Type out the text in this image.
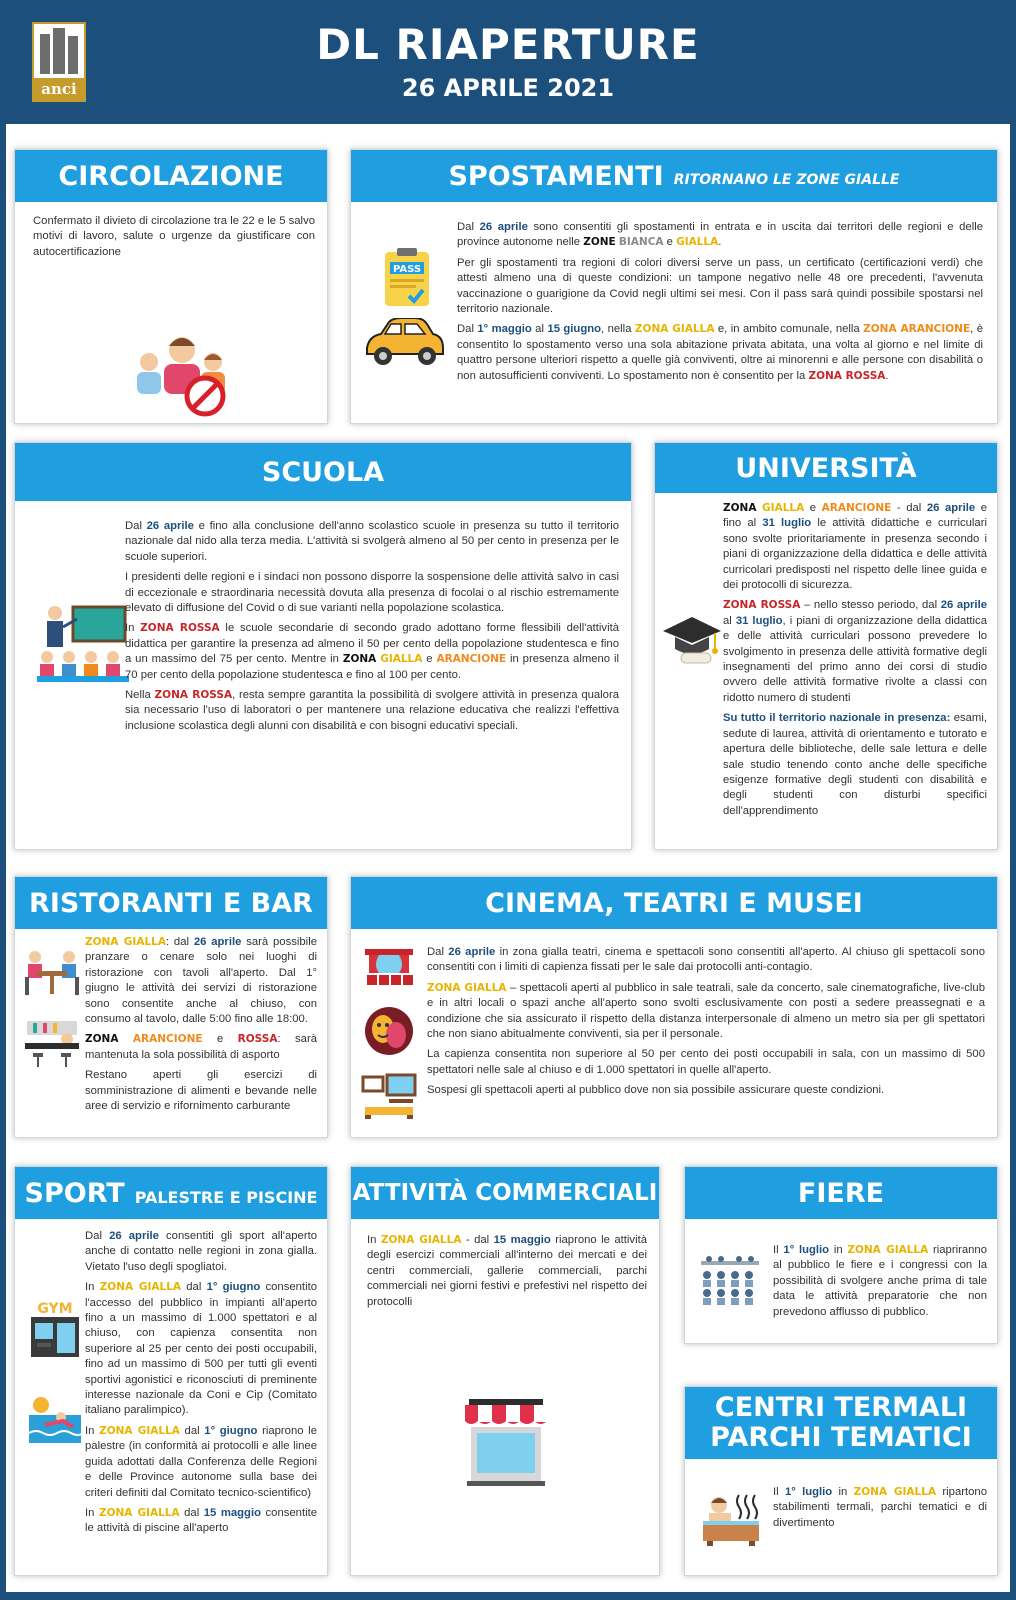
anci
DL RIAPERTURE
26 APRILE 2021
CIRCOLAZIONE

Confermato il divieto di circolazione tra le 22 e le 5 salvo motivi di lavoro, salute o urgenze da giustificare con autocertificazione

SPOSTAMENTI RITORNANO LE ZONE GIALLE
PASS

Dal 26 aprile sono consentiti gli spostamenti in entrata e in uscita dai territori delle regioni e delle province autonome nelle ZONE BIANCA e GIALLA.

Per gli spostamenti tra regioni di colori diversi serve un pass, un certificato (certificazioni verdi) che attesti almeno una di queste condizioni: un tampone negativo nelle 48 ore precedenti, l'avvenuta vaccinazione o guarigione da Covid negli ultimi sei mesi. Con il pass sarà quindi possibile spostarsi nel territorio nazionale.

Dal 1° maggio al 15 giugno, nella ZONA GIALLA e, in ambito comunale, nella ZONA ARANCIONE, è consentito lo spostamento verso una sola abitazione privata abitata, una volta al giorno e nel limite di quattro persone ulteriori rispetto a quelle già conviventi, oltre ai minorenni e alle persone con disabilità o non autosufficienti conviventi. Lo spostamento non è consentito per la ZONA ROSSA.

SCUOLA

Dal 26 aprile e fino alla conclusione dell'anno scolastico scuole in presenza su tutto il territorio nazionale dal nido alla terza media. L'attività si svolgerà almeno al 50 per cento in presenza per le scuole superiori.

I presidenti delle regioni e i sindaci non possono disporre la sospensione delle attività salvo in casi di eccezionale e straordinaria necessità dovuta alla presenza di focolai o al rischio estremamente elevato di diffusione del Covid o di sue varianti nella popolazione scolastica.

In ZONA ROSSA le scuole secondarie di secondo grado adottano forme flessibili dell'attività didattica per garantire la presenza ad almeno il 50 per cento della popolazione studentesca e fino a un massimo del 75 per cento. Mentre in ZONA GIALLA e ARANCIONE in presenza almeno il 70 per cento della popolazione studentesca e fino al 100 per cento.

Nella ZONA ROSSA, resta sempre garantita la possibilità di svolgere attività in presenza qualora sia necessario l'uso di laboratori o per mantenere una relazione educativa che realizzi l'effettiva inclusione scolastica degli alunni con disabilità e con bisogni educativi speciali.

UNIVERSITÀ

ZONA GIALLA e ARANCIONE - dal 26 aprile e fino al 31 luglio le attività didattiche e curriculari sono svolte prioritariamente in presenza secondo i piani di organizzazione della didattica e delle attività curricolari predisposti nel rispetto delle linee guida e dei protocolli di sicurezza.

ZONA ROSSA – nello stesso periodo, dal 26 aprile al 31 luglio, i piani di organizzazione della didattica e delle attività curriculari possono prevedere lo svolgimento in presenza delle attività formative degli insegnamenti del primo anno dei corsi di studio ovvero delle attività formative rivolte a classi con ridotto numero di studenti

Su tutto il territorio nazionale in presenza: esami, sedute di laurea, attività di orientamento e tutorato e apertura delle biblioteche, delle sale lettura e delle sale studio tenendo conto anche delle specifiche esigenze formative degli studenti con disabilità e degli studenti con disturbi specifici dell'apprendimento

RISTORANTI E BAR

ZONA GIALLA: dal 26 aprile sarà possibile pranzare o cenare solo nei luoghi di ristorazione con tavoli all'aperto. Dal 1° giugno le attività dei servizi di ristorazione sono consentite anche al chiuso, con consumo al tavolo, dalle 5:00 fino alle 18:00.

ZONA ARANCIONE e ROSSA: sarà mantenuta la sola possibilità di asporto

Restano aperti gli esercizi di somministrazione di alimenti e bevande nelle aree di servizio e rifornimento carburante

CINEMA, TEATRI E MUSEI

Dal 26 aprile in zona gialla teatri, cinema e spettacoli sono consentiti all'aperto. Al chiuso gli spettacoli sono consentiti con i limiti di capienza fissati per le sale dai protocolli anti-contagio.

ZONA GIALLA – spettacoli aperti al pubblico in sale teatrali, sale da concerto, sale cinematografiche, live-club e in altri locali o spazi anche all'aperto sono svolti esclusivamente con posti a sedere preassegnati e a condizione che sia assicurato il rispetto della distanza interpersonale di almeno un metro sia per gli spettatori che non siano abitualmente conviventi, sia per il personale.

La capienza consentita non superiore al 50 per cento dei posti occupabili in sala, con un massimo di 500 spettatori nelle sale al chiuso e di 1.000 spettatori in quelle all'aperto.

Sospesi gli spettacoli aperti al pubblico dove non sia possibile assicurare queste condizioni.

SPORT PALESTRE E PISCINE
GYM

Dal 26 aprile consentiti gli sport all'aperto anche di contatto nelle regioni in zona gialla. Vietato l'uso degli spogliatoi.

In ZONA GIALLA dal 1° giugno consentito l'accesso del pubblico in impianti all'aperto fino a un massimo di 1.000 spettatori e al chiuso, con capienza consentita non superiore al 25 per cento dei posti occupabili, fino ad un massimo di 500 per tutti gli eventi sportivi agonistici e riconosciuti di preminente interesse nazionale da Coni e Cip (Comitato italiano paralimpico).

In ZONA GIALLA dal 1° giugno riaprono le palestre (in conformità ai protocolli e alle linee guida adottati dalla Conferenza delle Regioni e delle Province autonome sulla base dei criteri definiti dal Comitato tecnico-scientifico)

In ZONA GIALLA dal 15 maggio consentite le attività di piscine all'aperto

ATTIVITÀ COMMERCIALI

In ZONA GIALLA - dal 15 maggio riaprono le attività degli esercizi commerciali all'interno dei mercati e dei centri commerciali, gallerie commerciali, parchi commerciali nei giorni festivi e prefestivi nel rispetto dei protocolli

FIERE

Il 1° luglio in ZONA GIALLA riapriranno al pubblico le fiere e i congressi con la possibilità di svolgere anche prima di tale data le attività preparatorie che non prevedono afflusso di pubblico.

CENTRI TERMALI
PARCHI TEMATICI

Il 1° luglio in ZONA GIALLA ripartono stabilimenti termali, parchi tematici e di divertimento
